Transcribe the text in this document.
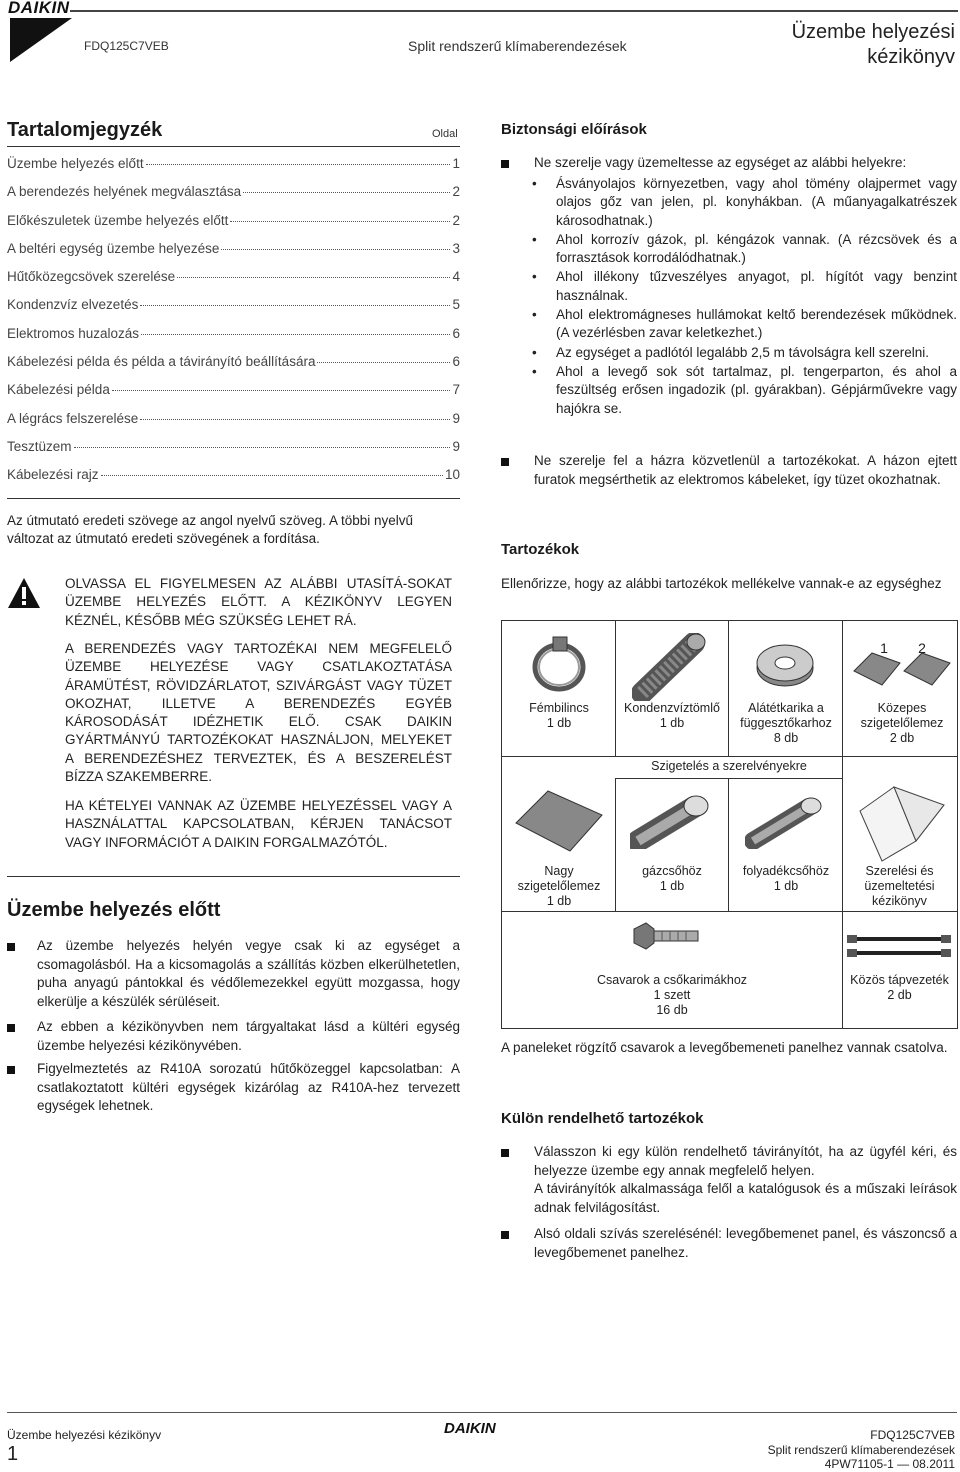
DAIKIN
FDQ125C7VEB	Split rendszerű klímaberendezések
Üzembe helyezési
kézikönyv
Tartalomjegyzék	Oldal
Üzembe helyezés előtt	1
A berendezés helyének megválasztása	2
Előkészuletek üzembe helyezés előtt	2
A beltéri egység üzembe helyezése	3
Hűtőközegcsövek szerelése	4
Kondenzvíz elvezetés	5
Elektromos huzalozás	6
Kábelezési példa és példa a távirányító beállítására	6
Kábelezési példa	7
A légrács felszerelése	9
Tesztüzem	9
Kábelezési rajz	10
Az útmutató eredeti szövege az angol nyelvű szöveg. A többi nyelvű változat az útmutató eredeti szövegének a fordítása.
OLVASSA EL FIGYELMESEN AZ ALÁBBI UTASÍTÁ-SOKAT ÜZEMBE HELYEZÉS ELŐTT. A KÉZIKÖNYV LEGYEN KÉZNÉL, KÉSŐBB MÉG SZÜKSÉG LEHET RÁ.
A BERENDEZÉS VAGY TARTOZÉKAI NEM MEGFELELŐ ÜZEMBE HELYEZÉSE VAGY CSATLAKOZTATÁSA ÁRAMÜTÉST, RÖVIDZÁRLATOT, SZIVÁRGÁST VAGY TÜZET OKOZHAT, ILLETVE A BERENDEZÉS EGYÉB KÁROSODÁSÁT IDÉZHETIK ELŐ. CSAK DAIKIN GYÁRTMÁNYÚ TARTOZÉKOKAT HASZNÁLJON, MELYEKET A BERENDEZÉSHEZ TERVEZTEK, ÉS A BESZERELÉST BÍZZA SZAKEMBERRE.
HA KÉTELYEI VANNAK AZ ÜZEMBE HELYEZÉSSEL VAGY A HASZNÁLATTAL KAPCSOLATBAN, KÉRJEN TANÁCSOT VAGY INFORMÁCIÓT A DAIKIN FORGALMAZÓTÓL.
Üzembe helyezés előtt
Az üzembe helyezés helyén vegye csak ki az egységet a csomagolásból. Ha a kicsomagolás a szállítás közben elkerülhetetlen, puha anyagú pántokkal és védőlemezekkel együtt mozgassa, hogy elkerülje a készülék sérüléseit.
Az ebben a kézikönyvben nem tárgyaltakat lásd a kültéri egység üzembe helyezési kézikönyvében.
Figyelmeztetés az R410A sorozatú hűtőközeggel kapcsolatban: A csatlakoztatott kültéri egységek kizárólag az R410A-hez tervezett egységek lehetnek.
Biztonsági előírások
Ne szerelje vagy üzemeltesse az egységet az alábbi helyekre:
• Ásványolajos környezetben, vagy ahol tömény olajpermet vagy olajos gőz van jelen, pl. konyhákban. (A műanyagalkatrészek károsodhatnak.)
• Ahol korrozív gázok, pl. kéngázok vannak. (A rézcsövek és a forrasztások korrodálódhatnak.)
• Ahol illékony tűzveszélyes anyagot, pl. hígítót vagy benzint használnak.
• Ahol elektromágneses hullámokat keltő berendezések működnek. (A vezérlésben zavar keletkezhet.)
• Az egységet a padlótól legalább 2,5 m távolságra kell szerelni.
• Ahol a levegő sok sót tartalmaz, pl. tengerparton, és ahol a feszültség erősen ingadozik (pl. gyárakban). Gépjárművekre vagy hajókra se.
Ne szerelje fel a házra közvetlenül a tartozékokat. A házon ejtett furatok megsérthetik az elektromos kábeleket, így tüzet okozhatnak.
Tartozékok
Ellenőrizze, hogy az alábbi tartozékok mellékelve vannak-e az egységhez
1	2
Fémbilincs
1 db
Kondenzvíztömlő
1 db
Alátétkarika a függesztőkarhoz
8 db
Közepes szigetelőlemez
2 db
Szigetelés a szerelvényekre
Nagy szigetelőlemez
1 db
gázcsőhöz
1 db
folyadékcsőhöz
1 db
Szerelési és üzemeltetési kézikönyv
Csavarok a csőkarimákhoz
1 szett
16 db
Közös tápvezeték
2 db
A paneleket rögzítő csavarok a levegőbemeneti panelhez vannak csatolva.
Külön rendelhető tartozékok
Válasszon ki egy külön rendelhető távirányítót, ha az ügyfél kéri, és helyezze üzembe egy annak megfelelő helyen.
A távirányítók alkalmassága felől a katalógusok és a műszaki leírások adnak felvilágosítást.
Alsó oldali szívás szerelésénél: levegőbemenet panel, és vászoncső a levegőbemenet panelhez.
Üzembe helyezési kézikönyv
1
DAIKIN	FDQ125C7VEB
Split rendszerű klímaberendezések
4PW71105-1 — 08.2011
